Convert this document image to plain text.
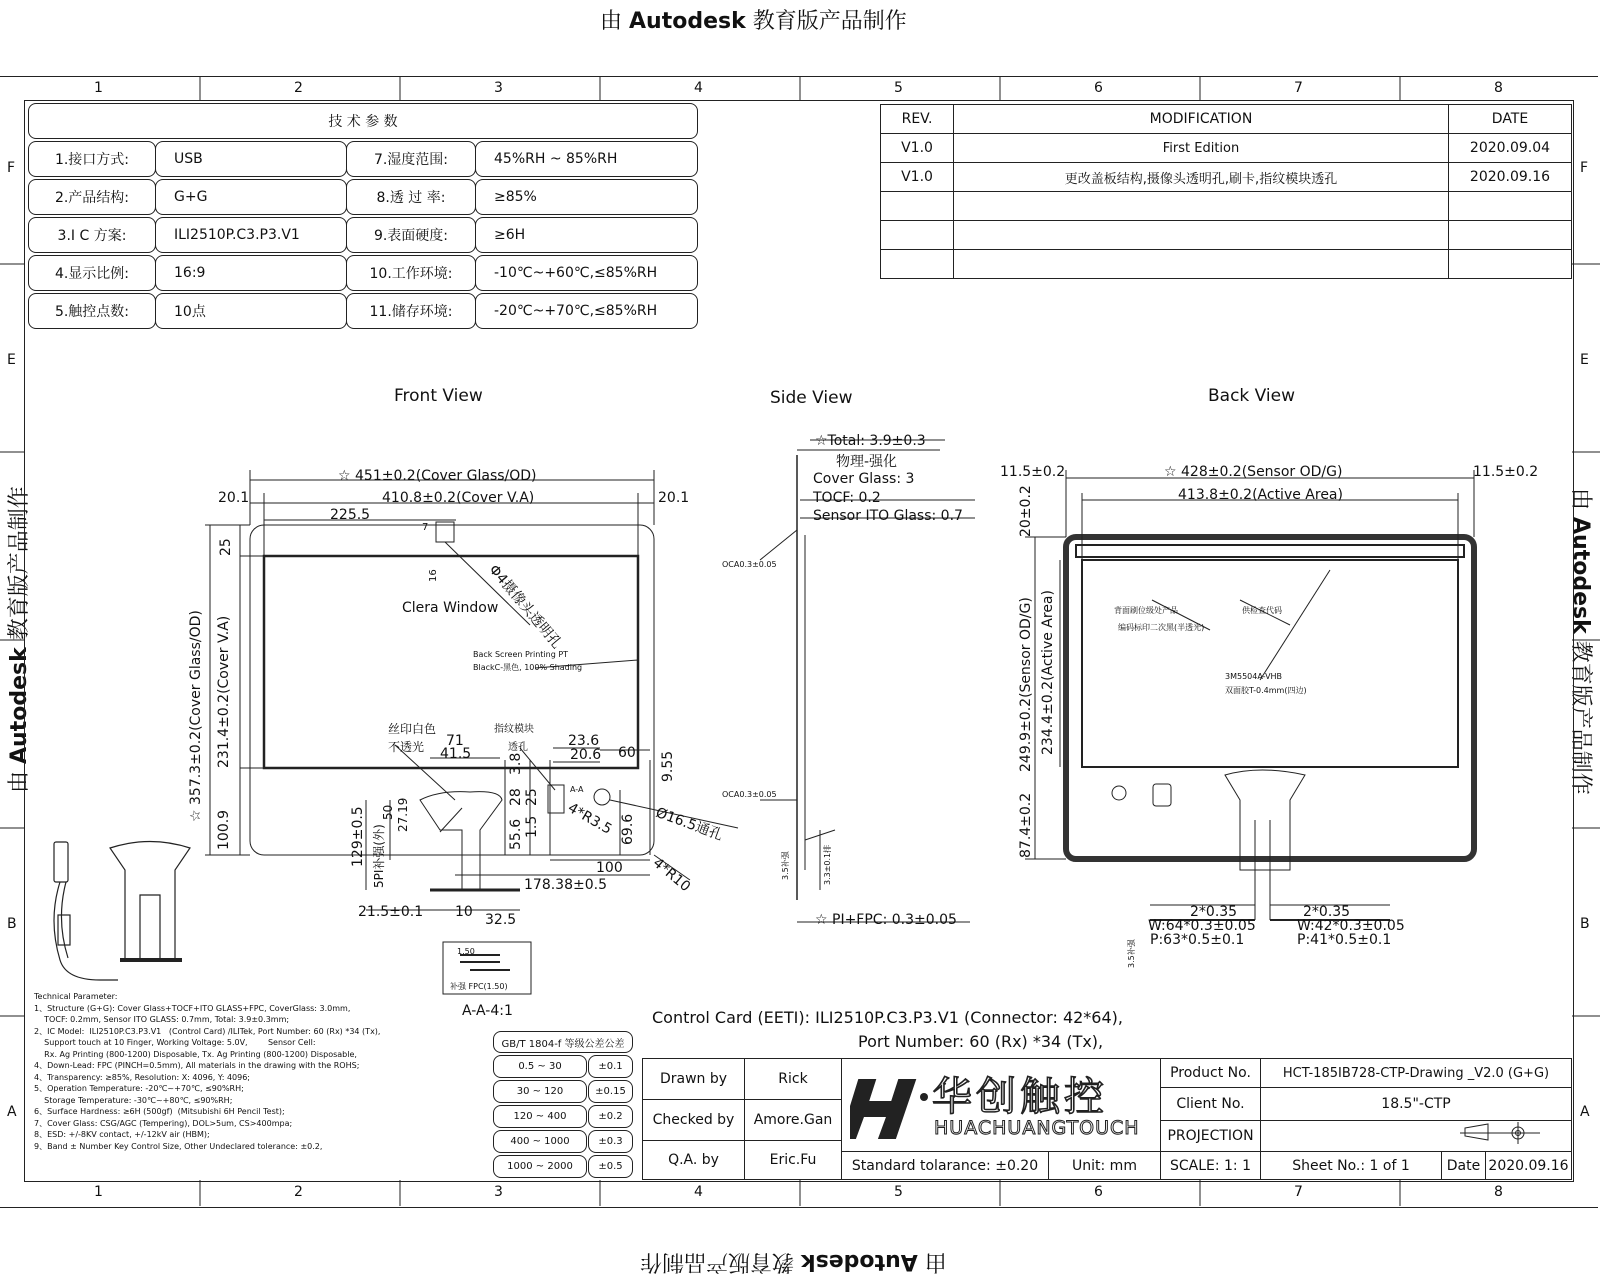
由 Autodesk 教育版产品制作
由 Autodesk 教育版产品制作
由 Autodesk 教育版产品制作	由 Autodesk 教育版产品制作
1	2	3	4	5	6	7	8
1	2	3	4	5	6	7	8
F
E
B
A
F
E
B
A
技 术 参 数
1.接口方式:	USB	7.湿度范围:	45%RH ~ 85%RH
2.产品结构:	G+G	8.透 过 率:	≥85%
3.I C 方案:	ILI2510P.C3.P3.V1	9.表面硬度:	≥6H
4.显示比例:	16:9	10.工作环境:	-10℃~+60℃,≤85%RH
5.触控点数:	10点	11.储存环境:	-20℃~+70℃,≤85%RH
REV.	MODIFICATION	DATE
V1.0	First Edition	2020.09.04
V1.0	更改盖板结构,摄像头透明孔,刷卡,指纹模块透孔	2020.09.16
Front View	Side View	Back View
☆ 451±0.2(Cover Glass/OD)
410.8±0.2(Cover V.A)
20.1	20.1
225.5
7
16
25
Φ4摄像头透明孔
Clera Window
Back Screen Printing PT
BlackC-黑色, 100% Shading
丝印白色
不透光
指纹模块
透孔
71
41.5
23.6
20.6 60 9.55
3.8
28 25
1.5
55.6	69.6
4*R3.5	Ø16.5通孔
4*R10
100
178.38±0.5
☆ 357.3±0.2(Cover Glass/OD) 231.4±0.2(Cover V.A)
100.9	129±0.5 5PI补强(外)
50 27.19
21.5±0.1 10 32.5
A-A
☆Total: 3.9±0.3
物理-强化
Cover Glass: 3
TOCF: 0.2
Sensor ITO Glass: 0.7
OCA0.3±0.05
OCA0.3±0.05
☆ PI+FPC: 0.3±0.05
3.5补强	3.3±0.1排
11.5±0.2	☆ 428±0.2(Sensor OD/G)	11.5±0.2
413.8±0.2(Active Area)
20±0.2
249.9±0.2(Sensor OD/G) 234.4±0.2(Active Area)
87.4±0.2
背面刷位级处产品	供检查代码
编码标印二次黑(半透光)
3M5504A-VHB
双面胶T-0.4mm(四边)
2*0.35
W:64*0.3±0.05
P:63*0.5±0.1
2*0.35
W:42*0.3±0.05
P:41*0.5±0.1
3.5补强
A-A-4:1
1.50
补强 FPC(1.50)
Technical Parameter:
1、Structure (G+G): Cover Glass+TOCF+ITO GLASS+FPC, CoverGlass: 3.0mm,
TOCF: 0.2mm, Sensor ITO GLASS: 0.7mm, Total: 3.9±0.3mm;
2、IC Model:  ILI2510P.C3.P3.V1   (Control Card) /ILITek, Port Number: 60 (Rx) *34 (Tx),
Support touch at 10 Finger, Working Voltage: 5.0V,        Sensor Cell:
Rx. Ag Printing (800-1200) Disposable, Tx. Ag Printing (800-1200) Disposable,
4、Down-Lead: FPC (PINCH=0.5mm), All materials in the drawing with the ROHS;
4、Transparency: ≥85%, Resolution: X: 4096, Y: 4096;
5、Operation Temperature: -20℃~+70℃, ≤90%RH;
Storage Temperature: -30℃~+80℃, ≤90%RH;
6、Surface Hardness: ≥6H (500gf)  (Mitsubishi 6H Pencil Test);
7、Cover Glass: CSG/AGC (Tempering), DOL>5um, CS>400mpa;
8、ESD: +/-8KV contact, +/-12kV air (HBM);
9、Band ± Number Key Control Size, Other Undeclared tolerance: ±0.2,
Control Card (EETI): ILI2510P.C3.P3.V1 (Connector: 42*64),
Port Number: 60 (Rx) *34 (Tx),
GB/T 1804-f 等级公差公差
0.5 ~ 30	±0.1
30 ~ 120	±0.15
120 ~ 400	±0.2
400 ~ 1000	±0.3
1000 ~ 2000	±0.5
Drawn by	Rick
Checked by	Amore.Gan
Q.A. by	Eric.Fu
华创触控
HUACHUANGTOUCH
Product No.	HCT-185IB728-CTP-Drawing _V2.0 (G+G)
Client No.	18.5"-CTP
PROJECTION
Standard tolarance: ±0.20	Unit: mm	SCALE: 1: 1	Sheet No.: 1 of 1	Date 2020.09.16
